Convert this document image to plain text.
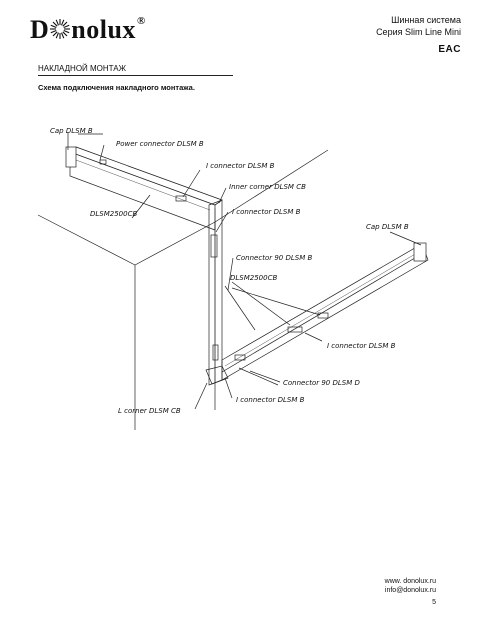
D nolux®	Шинная система
Серия Slim Line Mini
EAC
НАКЛАДНОЙ МОНТАЖ
Схема подключения накладного монтажа.
Cap DLSM B
Power connector DLSM B
I connector DLSM B
Inner corner DLSM CB
I connector DLSM B
DLSM2500CB
Cap DLSM B
Connector 90 DLSM B
DLSM2500CB
I connector DLSM B
Connector 90 DLSM D
L corner DLSM CB
I connector DLSM B
www. donolux.ru
info@donolux.ru
5
